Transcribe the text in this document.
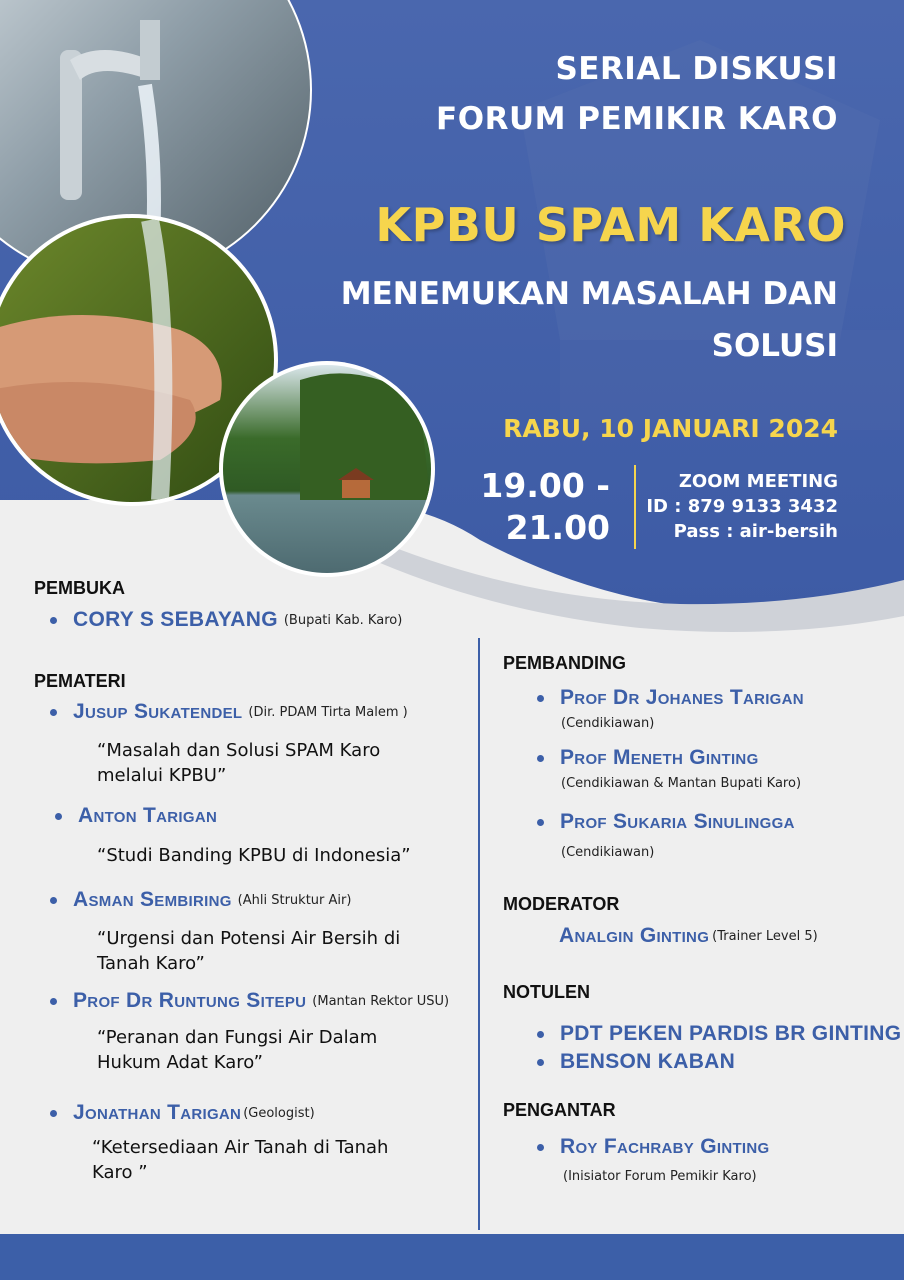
SERIAL DISKUSI
FORUM PEMIKIR KARO
KPBU SPAM KARO
MENEMUKAN MASALAH DAN
SOLUSI
RABU, 10 JANUARI 2024
19.00 -
21.00
ZOOM MEETING
ID : 879 9133 3432
Pass : air-bersih
PEMBUKA
CORY S SEBAYANG (Bupati Kab. Karo)
PEMATERI
Jusup Sukatendel (Dir. PDAM Tirta Malem )
“Masalah dan Solusi SPAM Karo
melalui KPBU”
Anton Tarigan
“Studi Banding KPBU di Indonesia”
Asman Sembiring (Ahli Struktur Air)
“Urgensi dan Potensi Air Bersih di
Tanah Karo”
Prof Dr Runtung Sitepu (Mantan Rektor USU)
“Peranan dan Fungsi Air Dalam
Hukum Adat Karo”
Jonathan Tarigan (Geologist)
“Ketersediaan Air Tanah di Tanah
Karo ”
PEMBANDING
Prof Dr Johanes Tarigan
(Cendikiawan)
Prof Meneth Ginting
(Cendikiawan & Mantan Bupati Karo)
Prof Sukaria Sinulingga
(Cendikiawan)
MODERATOR
Analgin Ginting (Trainer Level 5)
NOTULEN
PDT PEKEN PARDIS BR GINTING
BENSON KABAN
PENGANTAR
Roy Fachraby Ginting
(Inisiator Forum Pemikir Karo)
